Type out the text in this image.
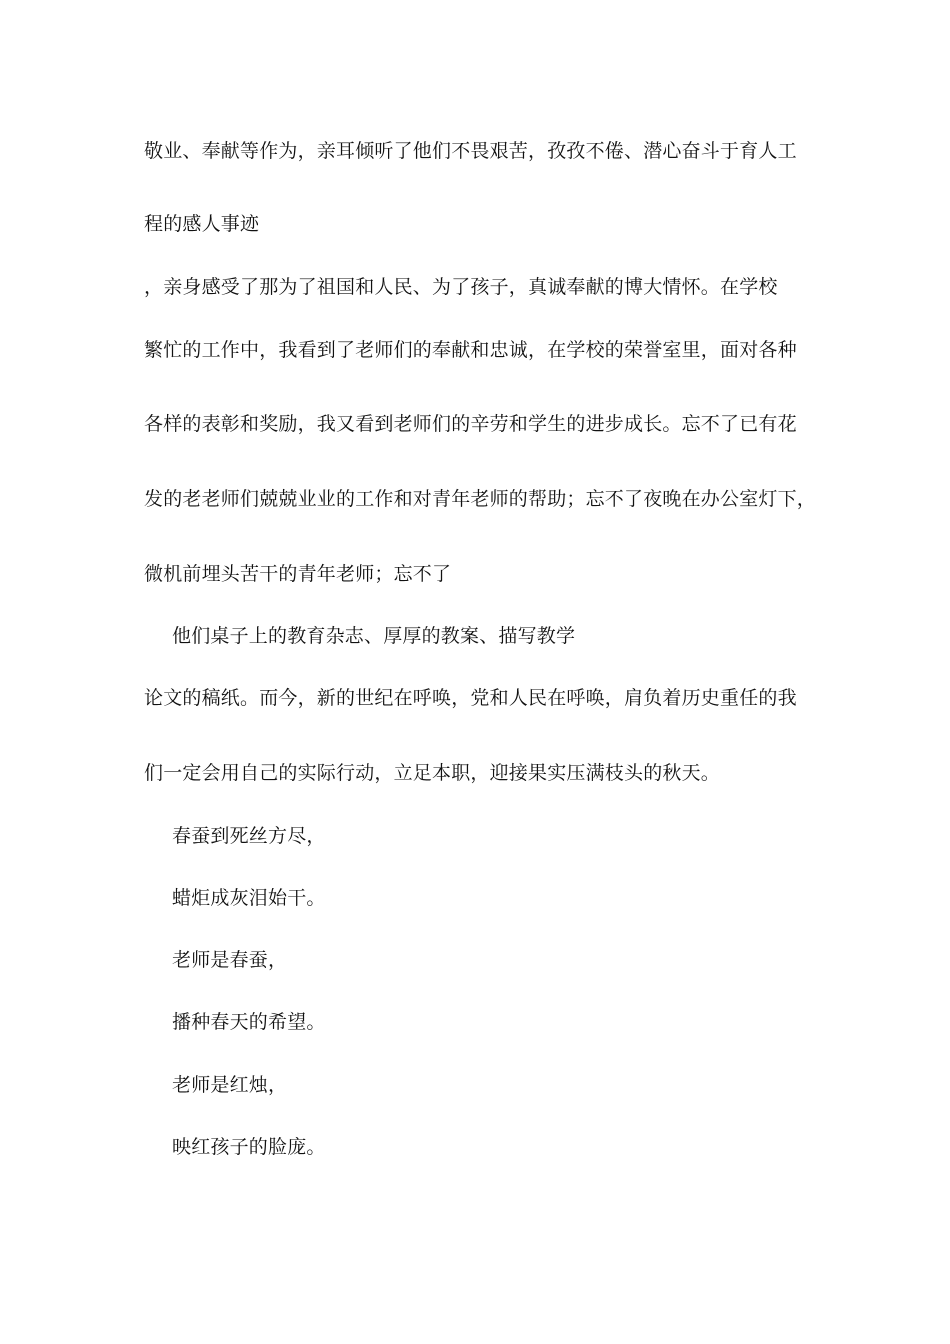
敬业、奉献等作为，亲耳倾听了他们不畏艰苦，孜孜不倦、潜心奋斗于育人工

程的感人事迹

，亲身感受了那为了祖国和人民、为了孩子，真诚奉献的博大情怀。在学校

繁忙的工作中，我看到了老师们的奉献和忠诚，在学校的荣誉室里，面对各种

各样的表彰和奖励，我又看到老师们的辛劳和学生的进步成长。忘不了已有花

发的老老师们兢兢业业的工作和对青年老师的帮助；忘不了夜晚在办公室灯下，

微机前埋头苦干的青年老师；忘不了

他们桌子上的教育杂志、厚厚的教案、描写教学

论文的稿纸。而今，新的世纪在呼唤，党和人民在呼唤，肩负着历史重任的我

们一定会用自己的实际行动，立足本职，迎接果实压满枝头的秋天。

春蚕到死丝方尽，

蜡炬成灰泪始干。

老师是春蚕，

播种春天的希望。

老师是红烛，

映红孩子的脸庞。
